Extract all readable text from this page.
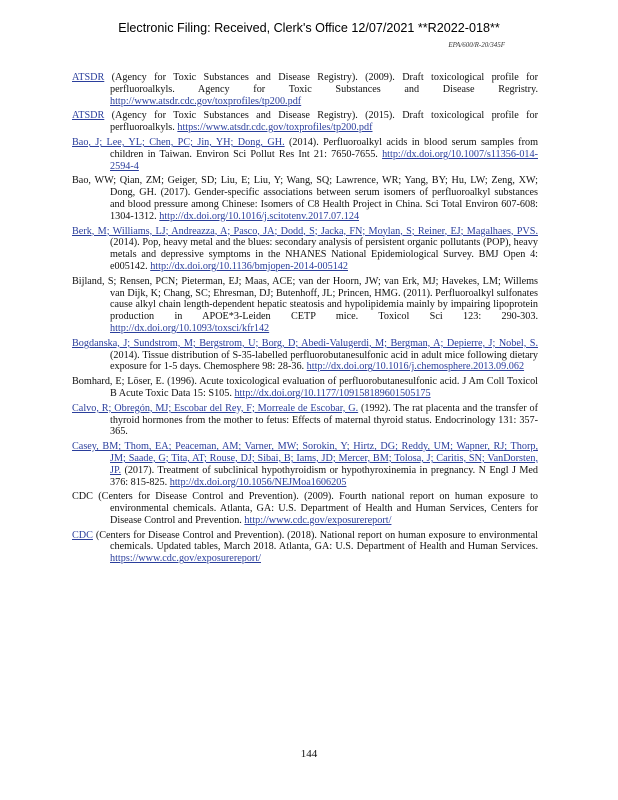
Electronic Filing: Received, Clerk's Office 12/07/2021 **R2022-018**
EPA/600/R-20/345F
ATSDR (Agency for Toxic Substances and Disease Registry). (2009). Draft toxicological profile for perfluoroalkyls. Agency for Toxic Substances and Disease Regristry. http://www.atsdr.cdc.gov/toxprofiles/tp200.pdf
ATSDR (Agency for Toxic Substances and Disease Registry). (2015). Draft toxicological profile for perfluoroalkyls. https://www.atsdr.cdc.gov/toxprofiles/tp200.pdf
Bao, J; Lee, YL; Chen, PC; Jin, YH; Dong, GH. (2014). Perfluoroalkyl acids in blood serum samples from children in Taiwan. Environ Sci Pollut Res Int 21: 7650-7655. http://dx.doi.org/10.1007/s11356-014-2594-4
Bao, WW; Qian, ZM; Geiger, SD; Liu, E; Liu, Y; Wang, SQ; Lawrence, WR; Yang, BY; Hu, LW; Zeng, XW; Dong, GH. (2017). Gender-specific associations between serum isomers of perfluoroalkyl substances and blood pressure among Chinese: Isomers of C8 Health Project in China. Sci Total Environ 607-608: 1304-1312. http://dx.doi.org/10.1016/j.scitotenv.2017.07.124
Berk, M; Williams, LJ; Andreazza, A; Pasco, JA; Dodd, S; Jacka, FN; Moylan, S; Reiner, EJ; Magalhaes, PVS. (2014). Pop, heavy metal and the blues: secondary analysis of persistent organic pollutants (POP), heavy metals and depressive symptoms in the NHANES National Epidemiological Survey. BMJ Open 4: e005142. http://dx.doi.org/10.1136/bmjopen-2014-005142
Bijland, S; Rensen, PCN; Pieterman, EJ; Maas, ACE; van der Hoorn, JW; van Erk, MJ; Havekes, LM; Willems van Dijk, K; Chang, SC; Ehresman, DJ; Butenhoff, JL; Princen, HMG. (2011). Perfluoroalkyl sulfonates cause alkyl chain length-dependent hepatic steatosis and hypolipidemia mainly by impairing lipoprotein production in APOE*3-Leiden CETP mice. Toxicol Sci 123: 290-303. http://dx.doi.org/10.1093/toxsci/kfr142
Bogdanska, J; Sundstrom, M; Bergstrom, U; Borg, D; Abedi-Valugerdi, M; Bergman, A; Depierre, J; Nobel, S. (2014). Tissue distribution of S-35-labelled perfluorobutanesulfonic acid in adult mice following dietary exposure for 1-5 days. Chemosphere 98: 28-36. http://dx.doi.org/10.1016/j.chemosphere.2013.09.062
Bomhard, E; Löser, E. (1996). Acute toxicological evaluation of perfluorobutanesulfonic acid. J Am Coll Toxicol B Acute Toxic Data 15: S105. http://dx.doi.org/10.1177/109158189601505175
Calvo, R; Obregón, MJ; Escobar del Rey, F; Morreale de Escobar, G. (1992). The rat placenta and the transfer of thyroid hormones from the mother to fetus: Effects of maternal thyroid status. Endocrinology 131: 357-365.
Casey, BM; Thom, EA; Peaceman, AM; Varner, MW; Sorokin, Y; Hirtz, DG; Reddy, UM; Wapner, RJ; Thorp, JM; Saade, G; Tita, AT; Rouse, DJ; Sibai, B; Iams, JD; Mercer, BM; Tolosa, J; Caritis, SN; VanDorsten, JP. (2017). Treatment of subclinical hypothyroidism or hypothyroxinemia in pregnancy. N Engl J Med 376: 815-825. http://dx.doi.org/10.1056/NEJMoa1606205
CDC (Centers for Disease Control and Prevention). (2009). Fourth national report on human exposure to environmental chemicals. Atlanta, GA: U.S. Department of Health and Human Services, Centers for Disease Control and Prevention. http://www.cdc.gov/exposurereport/
CDC (Centers for Disease Control and Prevention). (2018). National report on human exposure to environmental chemicals. Updated tables, March 2018. Atlanta, GA: U.S. Department of Health and Human Services. https://www.cdc.gov/exposurereport/
144
